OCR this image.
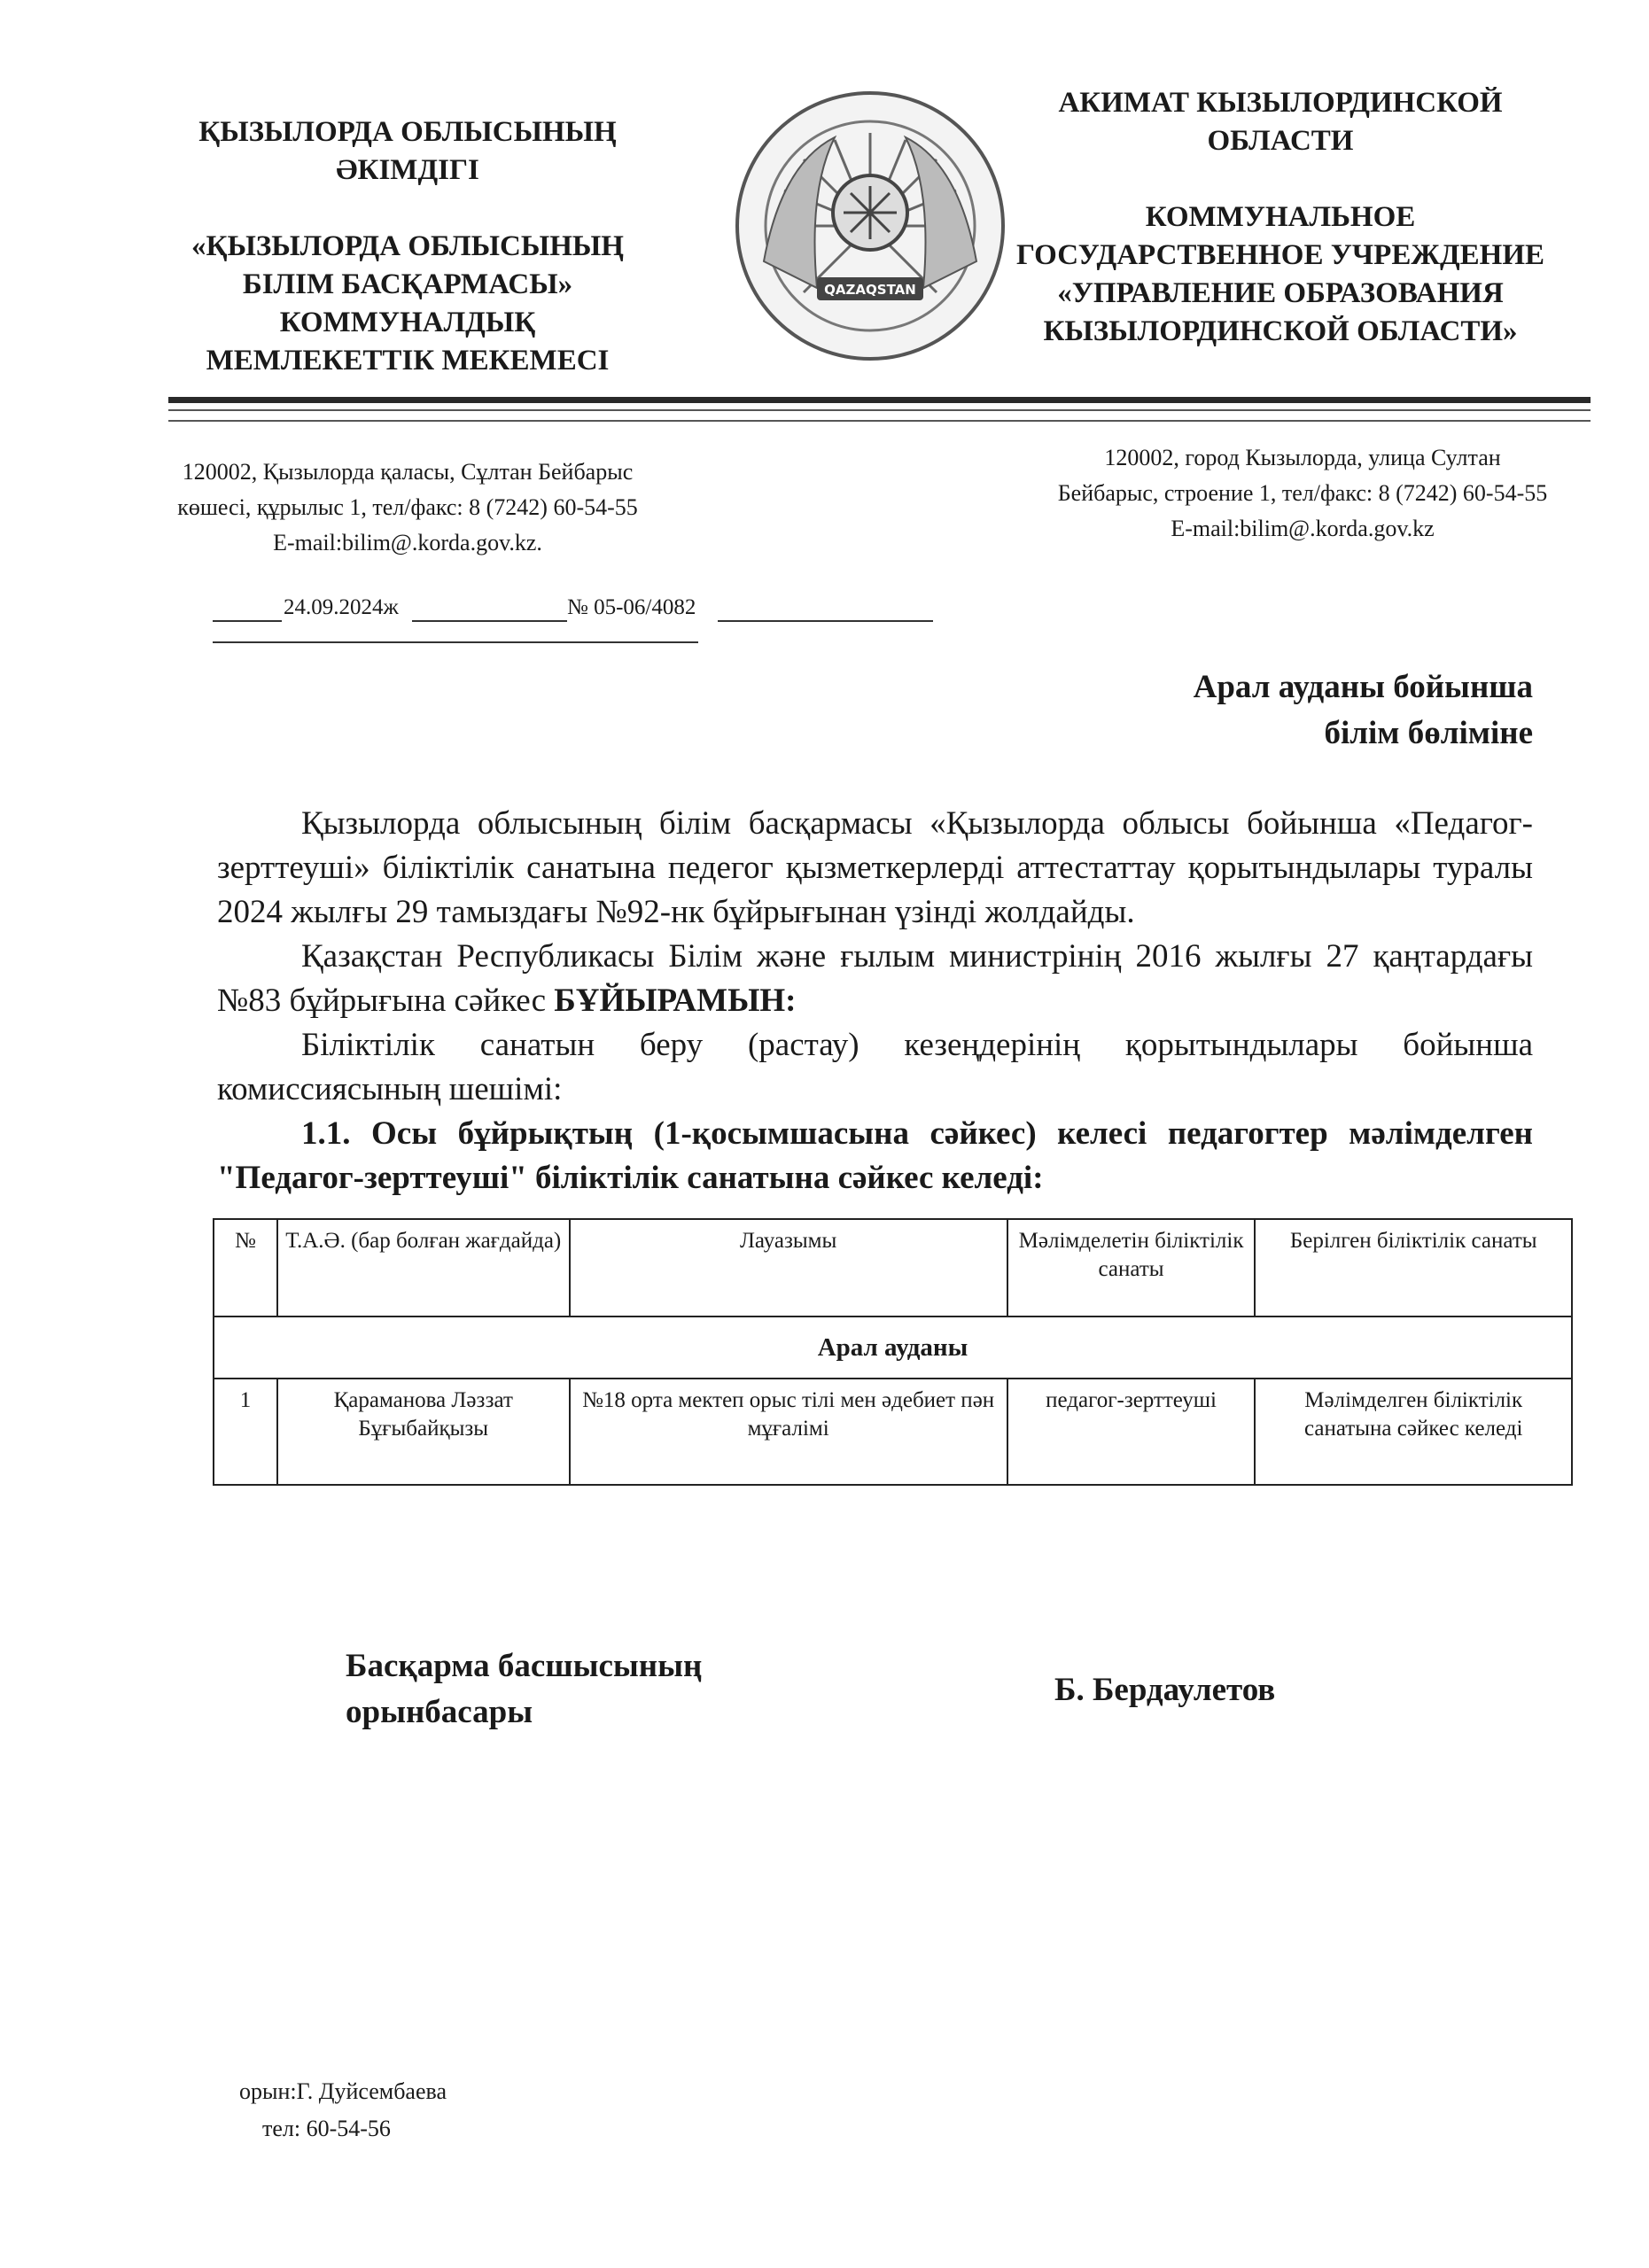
ҚЫЗЫЛОРДА ОБЛЫСЫНЫҢ
ӘКІМДІГІ
«ҚЫЗЫЛОРДА ОБЛЫСЫНЫҢ
БІЛІМ БАСҚАРМАСЫ»
КОММУНАЛДЫҚ
МЕМЛЕКЕТТІК МЕКЕМЕСІ
QAZAQSTAN
АКИМАТ КЫЗЫЛОРДИНСКОЙ
ОБЛАСТИ
КОММУНАЛЬНОЕ
ГОСУДАРСТВЕННОЕ УЧРЕЖДЕНИЕ
«УПРАВЛЕНИЕ ОБРАЗОВАНИЯ
КЫЗЫЛОРДИНСКОЙ ОБЛАСТИ»
120002, Қызылорда қаласы, Сұлтан Бейбарыс
көшесі, құрылыс 1, тел/факс: 8 (7242) 60-54-55
E-mail:bilim@.korda.gov.kz.
120002, город Кызылорда, улица Султан
Бейбарыс, строение 1, тел/факс: 8 (7242) 60-54-55
E-mail:bilim@.korda.gov.kz
24.09.2024ж	№ 05-06/4082
Арал ауданы бойынша
білім бөліміне

Қызылорда облысының білім басқармасы «Қызылорда облысы бойынша «Педагог-зерттеуші» біліктілік санатына педегог қызметкерлерді аттестаттау қорытындылары туралы 2024 жылғы 29 тамыздағы №92-нк бұйрығынан үзінді жолдайды.

Қазақстан Республикасы Білім және ғылым министрінің 2016 жылғы 27 қаңтардағы №83 бұйрығына сәйкес БҰЙЫРАМЫН:

Біліктілік санатын беру (растау) кезеңдерінің қорытындылары бойынша комиссиясының шешімі:

1.1. Осы бұйрықтың (1-қосымшасына сәйкес) келесі педагогтер мәлімделген "Педагог-зерттеуші" біліктілік санатына сәйкес келеді:

№	Т.А.Ә. (бар болған жағдайда)	Лауазымы	Мәлімделетін біліктілік санаты	Берілген біліктілік санаты
Арал ауданы				
1	Қараманова Ләззат Бұғыбайқызы	№18 орта мектеп орыс тілі мен әдебиет пән мұғалімі	педагог-зерттеуші	Мәлімделген біліктілік санатына сәйкес келеді
Басқарма басшысының
орынбасары
Б. Бердаулетов
орын:Г. Дуйсембаева
тел: 60-54-56
